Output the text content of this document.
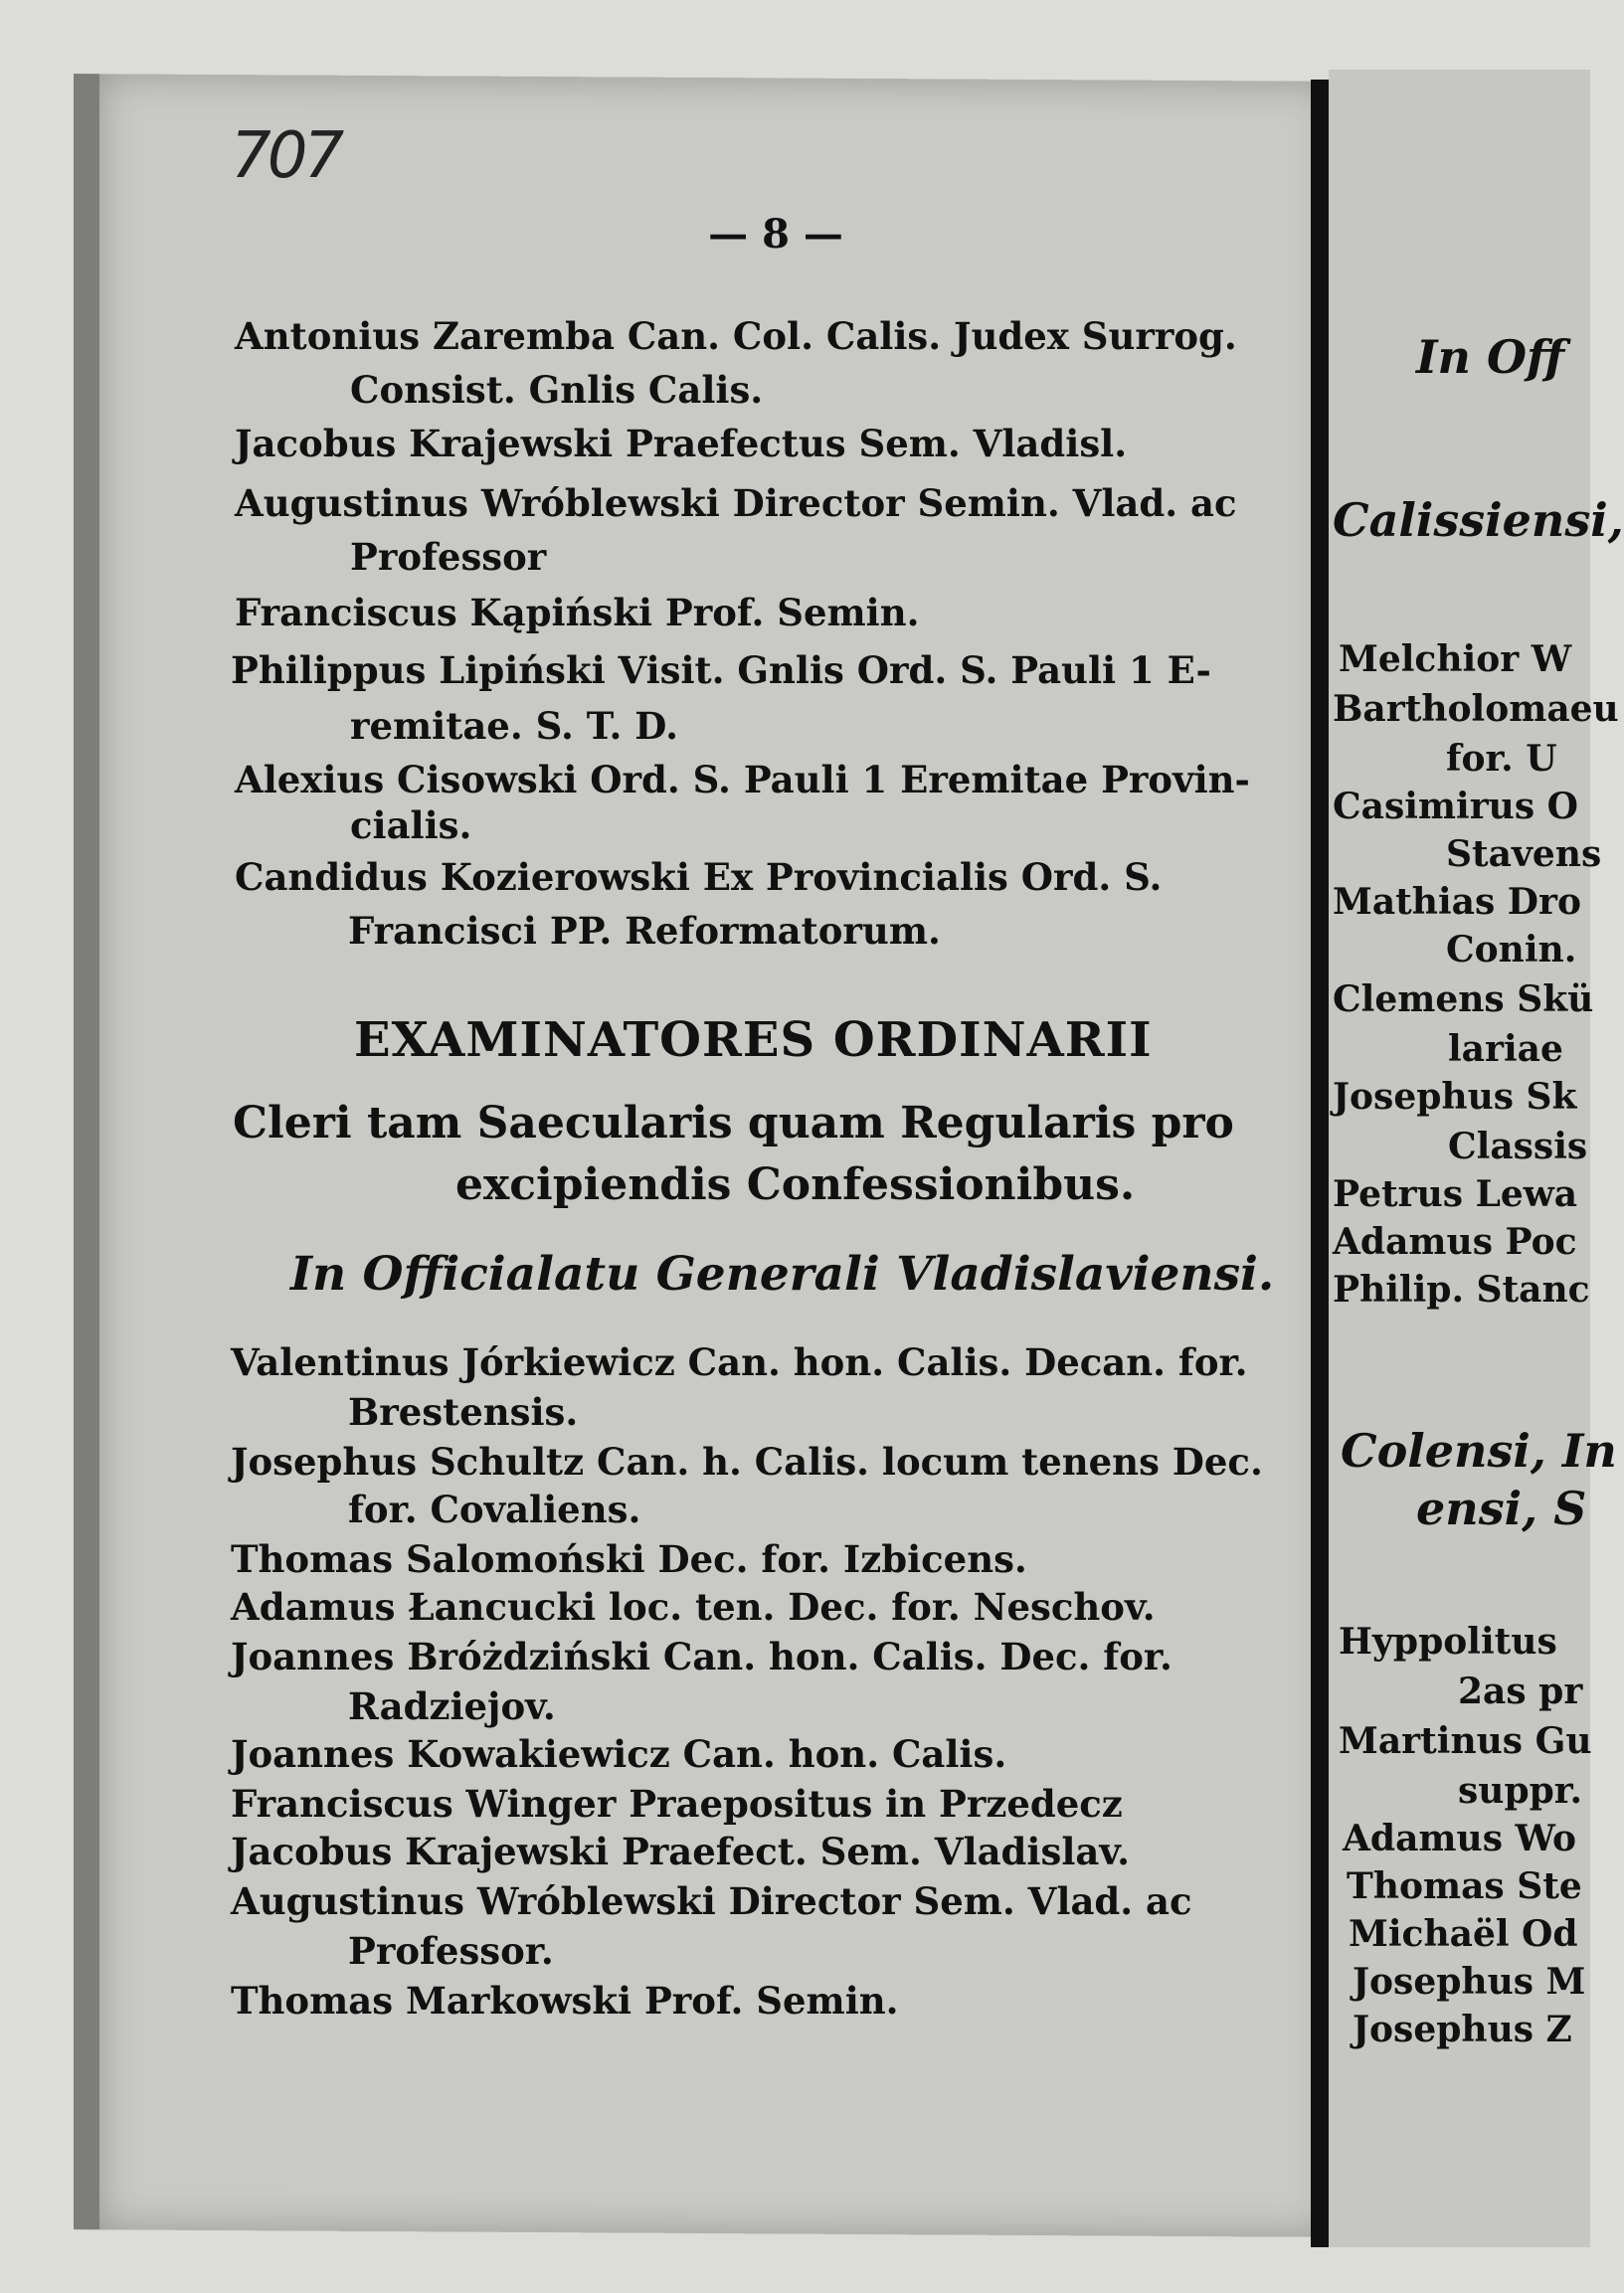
707
— 8 —
Antonius Zaremba Can. Col. Calis. Judex Surrog.
Consist. Gnlis Calis.
Jacobus Krajewski Praefectus Sem. Vladisl.
Augustinus Wróblewski Director Semin. Vlad. ac
Professor
Franciscus Kąpiński Prof. Semin.
Philippus Lipiński Visit. Gnlis Ord. S. Pauli 1 E-
remitae. S. T. D.
Alexius Cisowski Ord. S. Pauli 1 Eremitae Provin-
cialis.
Candidus Kozierowski Ex Provincialis Ord. S.
Francisci PP. Reformatorum.
EXAMINATORES ORDINARII
Cleri tam Saecularis quam Regularis pro
excipiendis Confessionibus.
In Officialatu Generali Vladislaviensi.
Valentinus Jórkiewicz Can. hon. Calis. Decan. for.
Brestensis.
Josephus Schultz Can. h. Calis. locum tenens Dec.
for. Covaliens.
Thomas Salomoński Dec. for. Izbicens.
Adamus Łancucki loc. ten. Dec. for. Neschov.
Joannes Bróżdziński Can. hon. Calis. Dec. for.
Radziejov.
Joannes Kowakiewicz Can. hon. Calis.
Franciscus Winger Praepositus in Przedecz
Jacobus Krajewski Praefect. Sem. Vladislav.
Augustinus Wróblewski Director Sem. Vlad. ac
Professor.
Thomas Markowski Prof. Semin.
In Off
Calissiensi,
Melchior W
Bartholomaeu
for. U
Casimirus O
Stavens
Mathias Dro
Conin.
Clemens Skü
lariae
Josephus Sk
Classis
Petrus Lewa
Adamus Poc
Philip. Stanc
Colensi, In
ensi, S
Hyppolitus
2as pr
Martinus Gu
suppr.
Adamus Wo
Thomas Ste
Michaël Od
Josephus M
Josephus Z
